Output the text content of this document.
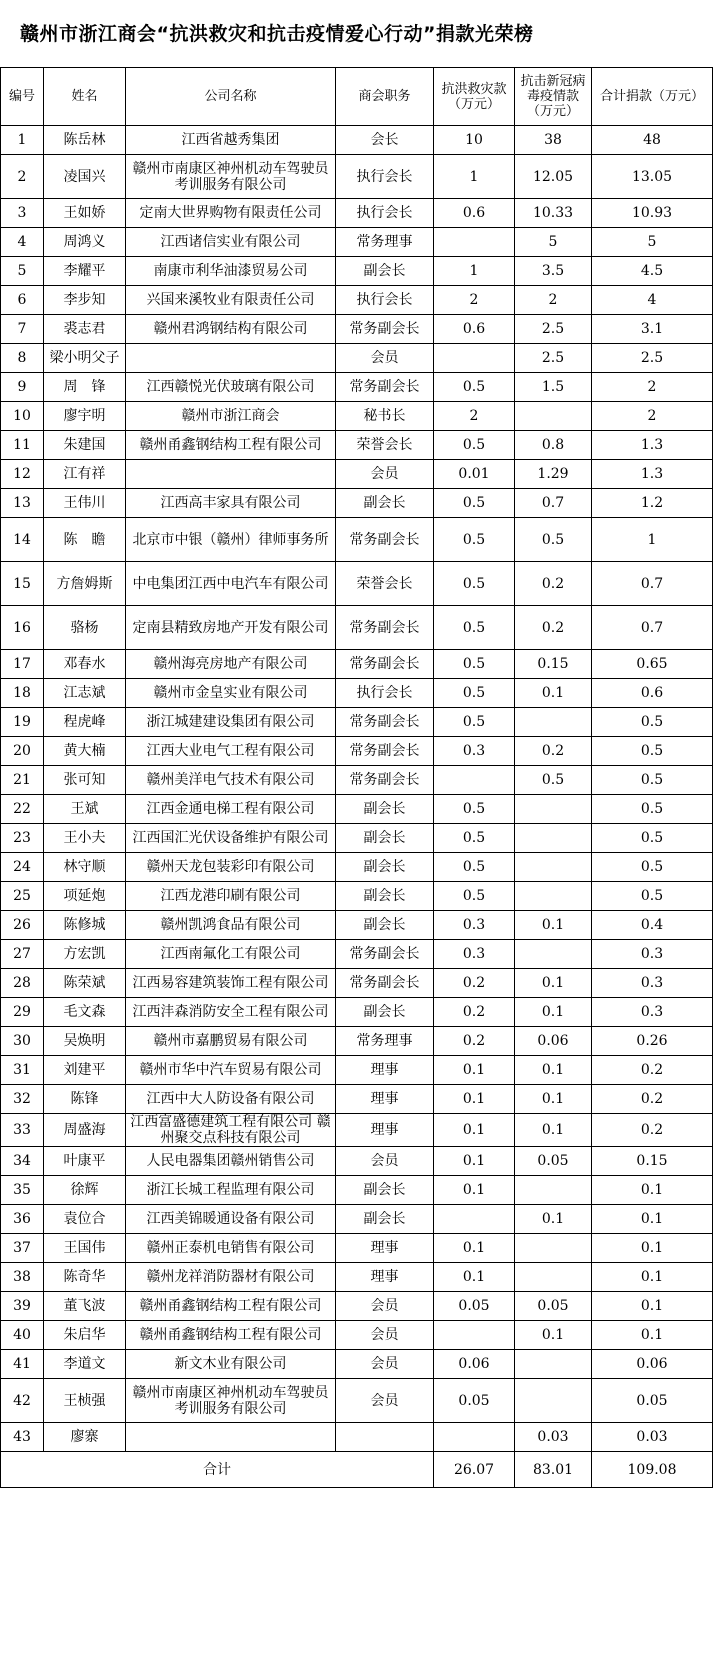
赣州市浙江商会“抗洪救灾和抗击疫情爱心行动”捐款光荣榜
编号	姓名	公司名称	商会职务	抗洪救灾款（万元）	抗击新冠病毒疫情款（万元）	合计捐款（万元）
1	陈岳林	江西省越秀集团	会长	10	38	48
2	凌国兴	赣州市南康区神州机动车驾驶员考训服务有限公司	执行会长	1	12.05	13.05
3	王如娇	定南大世界购物有限责任公司	执行会长	0.6	10.33	10.93
4	周鸿义	江西诸信实业有限公司	常务理事		5	5
5	李耀平	南康市利华油漆贸易公司	副会长	1	3.5	4.5
6	李步知	兴国来溪牧业有限责任公司	执行会长	2	2	4
7	裘志君	赣州君鸿钢结构有限公司	常务副会长	0.6	2.5	3.1
8	梁小明父子		会员		2.5	2.5
9	周　锋	江西赣悦光伏玻璃有限公司	常务副会长	0.5	1.5	2
10	廖宇明	赣州市浙江商会	秘书长	2		2
11	朱建国	赣州甬鑫钢结构工程有限公司	荣誉会长	0.5	0.8	1.3
12	江有祥		会员	0.01	1.29	1.3
13	王伟川	江西高丰家具有限公司	副会长	0.5	0.7	1.2
14	陈　瞻	北京市中银（赣州）律师事务所	常务副会长	0.5	0.5	1
15	方詹姆斯	中电集团江西中电汽车有限公司	荣誉会长	0.5	0.2	0.7
16	骆杨	定南县精致房地产开发有限公司	常务副会长	0.5	0.2	0.7
17	邓春水	赣州海亮房地产有限公司	常务副会长	0.5	0.15	0.65
18	江志斌	赣州市金皇实业有限公司	执行会长	0.5	0.1	0.6
19	程虎峰	浙江城建建设集团有限公司	常务副会长	0.5		0.5
20	黄大楠	江西大业电气工程有限公司	常务副会长	0.3	0.2	0.5
21	张可知	赣州美洋电气技术有限公司	常务副会长		0.5	0.5
22	王斌	江西金通电梯工程有限公司	副会长	0.5		0.5
23	王小夫	江西国汇光伏设备维护有限公司	副会长	0.5		0.5
24	林守顺	赣州天龙包装彩印有限公司	副会长	0.5		0.5
25	项延炮	江西龙港印刷有限公司	副会长	0.5		0.5
26	陈修城	赣州凯鸿食品有限公司	副会长	0.3	0.1	0.4
27	方宏凯	江西南氟化工有限公司	常务副会长	0.3		0.3
28	陈荣斌	江西易容建筑装饰工程有限公司	常务副会长	0.2	0.1	0.3
29	毛文森	江西沣森消防安全工程有限公司	副会长	0.2	0.1	0.3
30	吴焕明	赣州市嘉鹏贸易有限公司	常务理事	0.2	0.06	0.26
31	刘建平	赣州市华中汽车贸易有限公司	理事	0.1	0.1	0.2
32	陈锋	江西中大人防设备有限公司	理事	0.1	0.1	0.2
33	周盛海	江西富盛德建筑工程有限公司 赣州聚交点科技有限公司	理事	0.1	0.1	0.2
34	叶康平	人民电器集团赣州销售公司	会员	0.1	0.05	0.15
35	徐辉	浙江长城工程监理有限公司	副会长	0.1		0.1
36	袁位合	江西美锦暖通设备有限公司	副会长		0.1	0.1
37	王国伟	赣州正泰机电销售有限公司	理事	0.1		0.1
38	陈奇华	赣州龙祥消防器材有限公司	理事	0.1		0.1
39	董飞波	赣州甬鑫钢结构工程有限公司	会员	0.05	0.05	0.1
40	朱启华	赣州甬鑫钢结构工程有限公司	会员		0.1	0.1
41	李道文	新文木业有限公司	会员	0.06		0.06
42	王桢强	赣州市南康区神州机动车驾驶员考训服务有限公司	会员	0.05		0.05
43	廖寨				0.03	0.03
合计				26.07	83.01	109.08
